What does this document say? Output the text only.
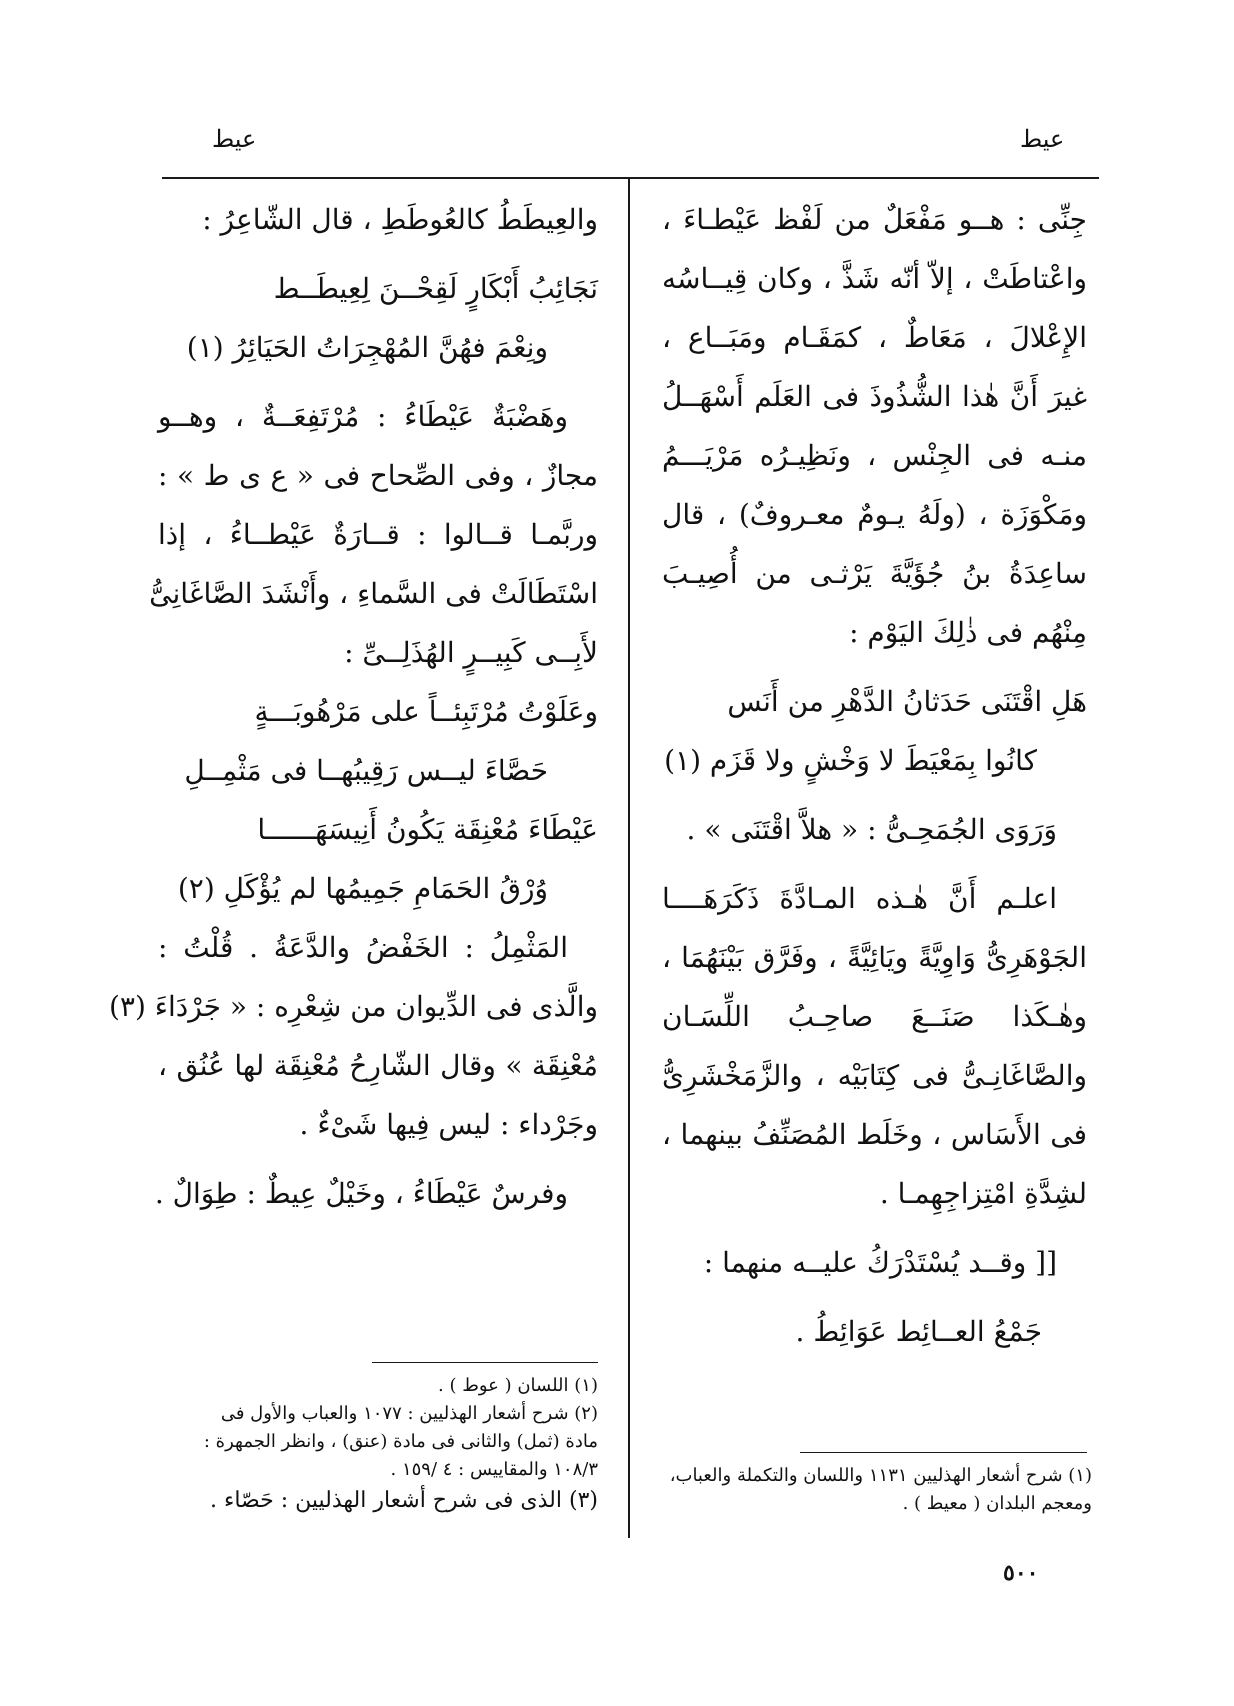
عيط
عيط
جِنِّى : هــو مَفْعَلٌ من لَفْظ عَيْطـاءَ ،
واعْتاطَتْ ، إلاّ أنّه شَذَّ ، وكان قِيــاسُه
الإِعْلالَ ، مَعَاطٌ ، كمَقَـام ومَبَــاع ،
غيرَ أَنَّ هٰذا الشُّذُوذَ فى العَلَم أَسْهَــلُ
منـه فى الجِنْس ، ونَظِيـرُه مَرْيَـــمُ
ومَكْوَزَة ، (ولَهُ يـومٌ معـروفٌ) ، قال
ساعِدَةُ بنُ جُؤَيَّةَ يَرْثـى من أُصِيـبَ
مِنْهُم فى ذٰلِكَ اليَوْم :
هَلِ اقْتَنَى حَدَثانُ الدَّهْرِ من أَنَس
كانُوا بِمَعْيَطَ لا وَخْشٍ ولا قَزَم (١)
وَرَوَى الجُمَحِـىُّ : « هلاَّ اقْتَنَى » .
اعلـم أَنَّ هٰـذه المـادَّةَ ذَكَرَهَــــا
الجَوْهَرِىُّ وَاوِيَّةً ويَائِيَّةً ، وفَرَّق بَيْنَهُمَا ،
وهٰـكَذا صَنَــعَ صاحِـبُ اللِّسَـان
والصَّاغَانِـىُّ فى كِتَابَيْه ، والزَّمَخْشَرِىُّ
فى الأَسَاس ، وخَلَط المُصَنِّفُ بينهما ،
لشِدَّةِ امْتِزاجِهِمـا .
[[ وقــد يُسْتَدْرَكُ عليــه منهما :
جَمْعُ العــائِط عَوَائِطُ .
(١) شرح أشعار الهذليين ١١٣١ واللسان والتكملة والعباب،
ومعجم البلدان ( معيط ) .
والعِيطَطُ كالعُوطَطِ ، قال الشّاعِرُ :
نَجَائِبُ أَبْكَارٍ لَقِحْــنَ لِعِيطَــط
ونِعْمَ فهُنَّ المُهْجِرَاتُ الحَيَائِرُ (١)
وهَضْبَةٌ عَيْطَاءُ : مُرْتَفِعَــةٌ ، وهــو
مجازٌ ، وفى الصِّحاح فى « ع ى ط » :
وربَّمـا قــالوا : قــارَةٌ عَيْطــاءُ ، إذا
اسْتَطَالَتْ فى السَّماءِ ، وأَنْشَدَ الصَّاغَانِىُّ
لأَبِــى كَبِيــرٍ الهُذَلِــىِّ :
وعَلَوْتُ مُرْتَبِئــاً على مَرْهُوبَـــةٍ
حَصَّاءَ ليــس رَقِيبُهــا فى مَثْمِــلِ
عَيْطَاءَ مُعْنِقَة يَكُونُ أَنِيسَهَــــــا
وُرْقُ الحَمَامِ جَمِيمُها لم يُؤْكَلِ (٢)
المَثْمِلُ : الخَفْضُ والدَّعَةُ . قُلْتُ :
والَّذى فى الدِّيوان من شِعْرِه : « جَرْدَاءَ (٣)
مُعْنِقَة » وقال الشّارِحُ مُعْنِقَة لها عُنُق ،
وجَرْداء : ليس فِيها شَىْءٌ .
وفرسٌ عَيْطَاءُ ، وخَيْلٌ عِيطٌ : طِوَالٌ .
(١) اللسان ( عوط ) .
(٢) شرح أشعار الهذليين : ١٠٧٧ والعباب والأول فى
مادة (ثمل) والثانى فى مادة (عنق) ، وانظر الجمهرة :
١٠٨/٣ والمقاييس : ٤ /١٥٩ .
(٣) الذى فى شرح أشعار الهذليين : حَصّاء .
٥٠٠
